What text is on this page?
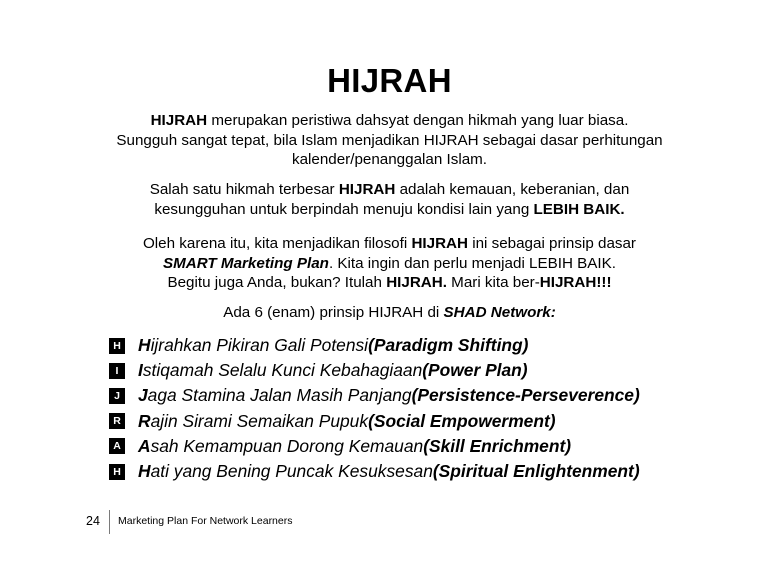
HIJRAH
HIJRAH merupakan peristiwa dahsyat dengan hikmah yang luar biasa.
Sungguh sangat tepat, bila Islam menjadikan HIJRAH sebagai dasar perhitungan
kalender/penanggalan Islam.
Salah satu hikmah terbesar HIJRAH adalah kemauan, keberanian, dan
kesungguhan untuk berpindah menuju kondisi lain yang LEBIH BAIK.
Oleh karena itu, kita menjadikan filosofi HIJRAH ini sebagai prinsip dasar
SMART Marketing Plan. Kita ingin dan perlu menjadi LEBIH BAIK.
Begitu juga Anda, bukan? Itulah HIJRAH. Mari kita ber-HIJRAH!!!
Ada 6 (enam) prinsip HIJRAH di SHAD Network:
H H ijrahkan Pikiran Gali Potensi (Paradigm Shifting)
I	I stiqamah Selalu Kunci Kebahagiaan (Power Plan)
J J aga Stamina Jalan Masih Panjang (Persistence-Perseverence)
R R ajin Sirami Semaikan Pupuk (Social Empowerment)
A A sah Kemampuan Dorong Kemauan (Skill Enrichment)
H H ati yang Bening Puncak Kesuksesan (Spiritual Enlightenment)
24 Marketing Plan For Network Learners
